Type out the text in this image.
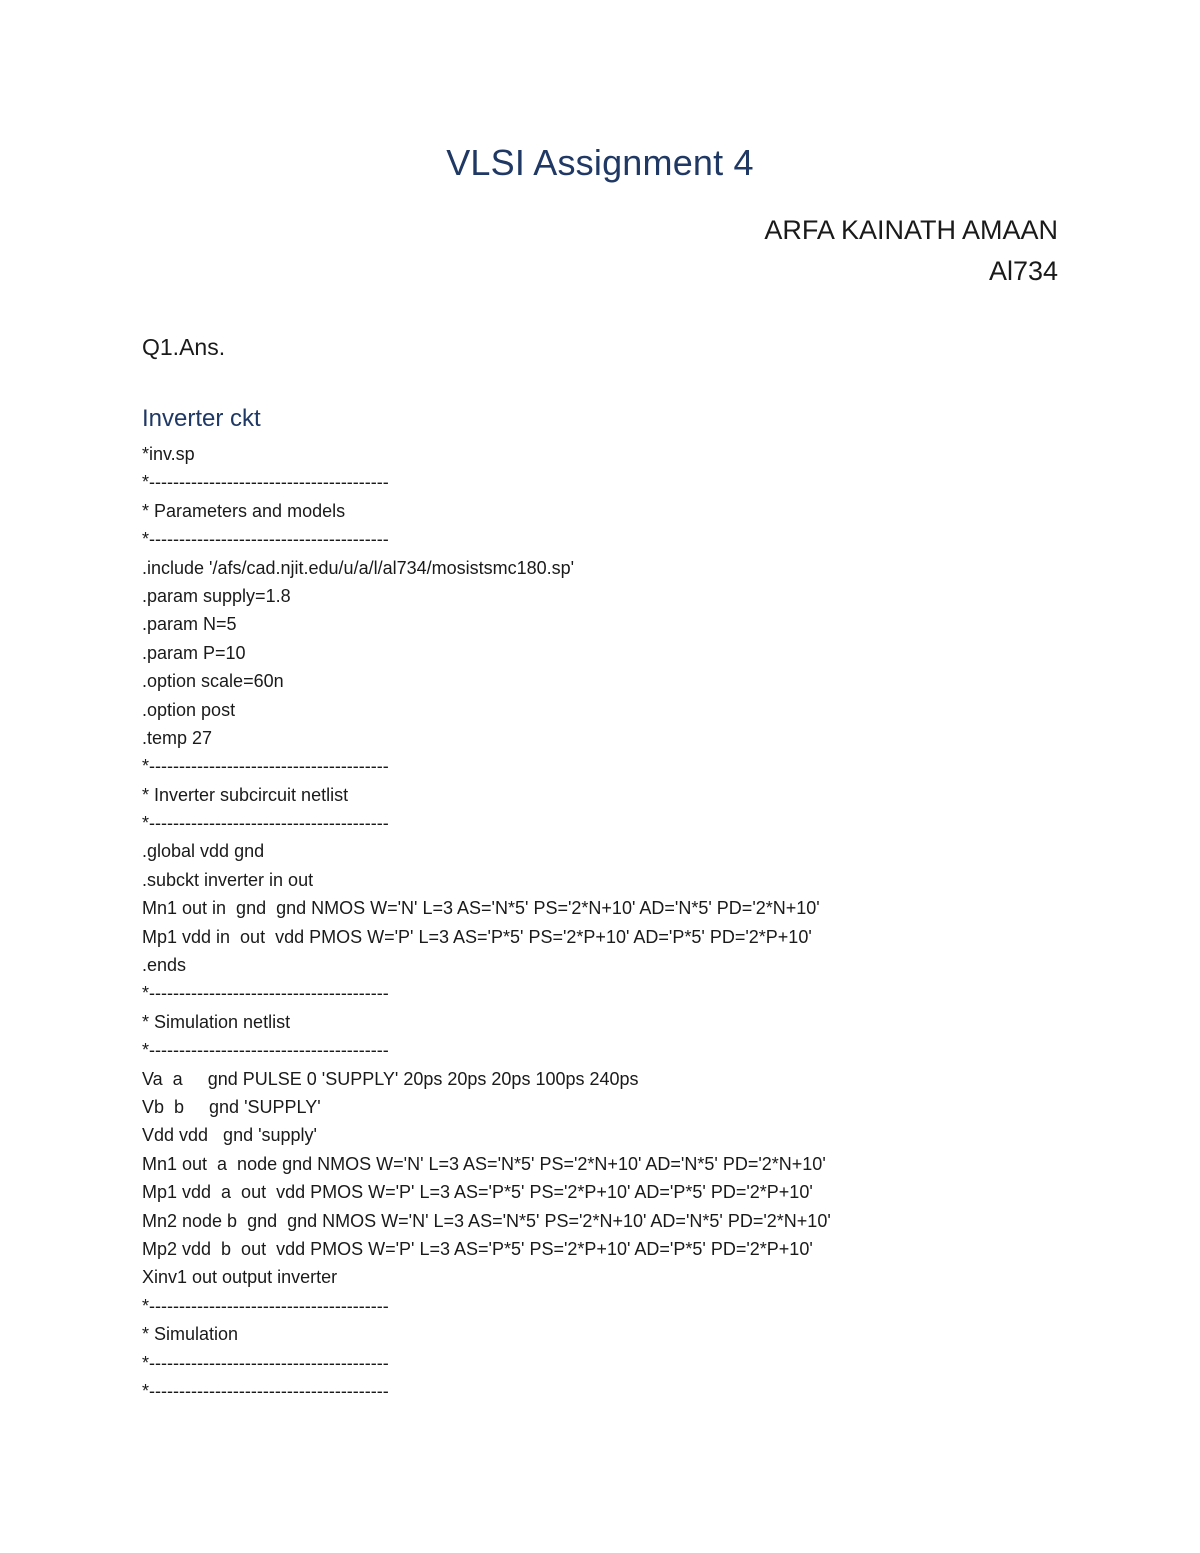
VLSI Assignment 4
ARFA KAINATH AMAAN
Al734
Q1.Ans.
Inverter ckt
*inv.sp
*----------------------------------------
* Parameters and models
*----------------------------------------
.include '/afs/cad.njit.edu/u/a/l/al734/mosistsmc180.sp'
.param supply=1.8
.param N=5
.param P=10
.option scale=60n
.option post
.temp 27
*----------------------------------------
* Inverter subcircuit netlist
*----------------------------------------
.global vdd gnd
.subckt inverter in out
Mn1 out in  gnd  gnd NMOS W='N' L=3 AS='N*5' PS='2*N+10' AD='N*5' PD='2*N+10'
Mp1 vdd in  out  vdd PMOS W='P' L=3 AS='P*5' PS='2*P+10' AD='P*5' PD='2*P+10'
.ends
*----------------------------------------
* Simulation netlist
*----------------------------------------
Va  a     gnd PULSE 0 'SUPPLY' 20ps 20ps 20ps 100ps 240ps
Vb  b     gnd 'SUPPLY'
Vdd vdd   gnd 'supply'
Mn1 out  a  node gnd NMOS W='N' L=3 AS='N*5' PS='2*N+10' AD='N*5' PD='2*N+10'
Mp1 vdd  a  out  vdd PMOS W='P' L=3 AS='P*5' PS='2*P+10' AD='P*5' PD='2*P+10'
Mn2 node b  gnd  gnd NMOS W='N' L=3 AS='N*5' PS='2*N+10' AD='N*5' PD='2*N+10'
Mp2 vdd  b  out  vdd PMOS W='P' L=3 AS='P*5' PS='2*P+10' AD='P*5' PD='2*P+10'
Xinv1 out output inverter
*----------------------------------------
* Simulation
*----------------------------------------
*----------------------------------------
